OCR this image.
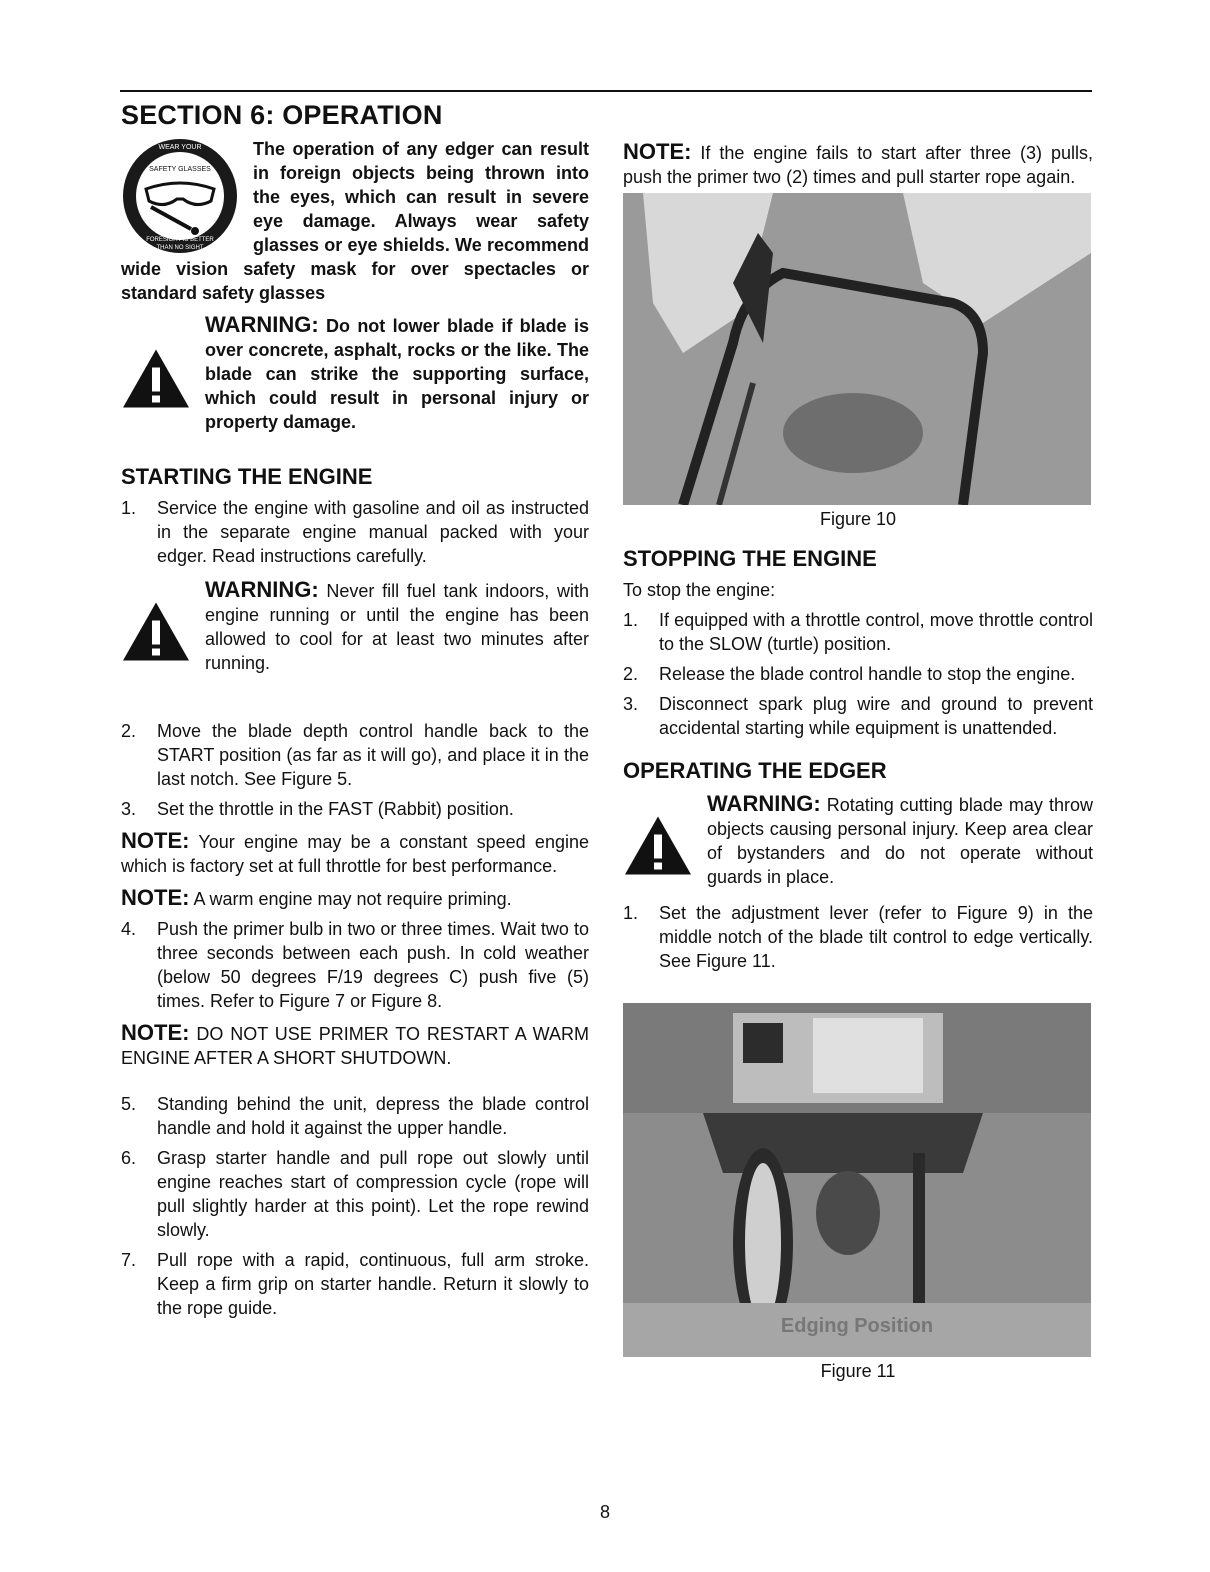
SECTION 6: OPERATION
WEAR YOUR
SAFETY GLASSES
FORESIGHT IS BETTER
THAN NO SIGHT

The operation of any edger can result in foreign objects being thrown into the eyes, which can result in severe eye damage. Always wear safety glasses or eye shields. We recommend wide vision safety mask for over spectacles or standard safety glasses

WARNING: Do not lower blade if blade is over concrete, asphalt, rocks or the like. The blade can strike the supporting surface, which could result in personal injury or property damage.

STARTING THE ENGINE
1.	Service the engine with gasoline and oil as instructed in the separate engine manual packed with your edger. Read instructions carefully.

WARNING: Never fill fuel tank indoors, with engine running or until the engine has been allowed to cool for at least two minutes after running.

2.	Move the blade depth control handle back to the START position (as far as it will go), and place it in the last notch. See Figure 5.
3.	Set the throttle in the FAST (Rabbit) position.

NOTE: Your engine may be a constant speed engine which is factory set at full throttle for best performance.

NOTE: A warm engine may not require priming.

4.	Push the primer bulb in two or three times. Wait two to three seconds between each push. In cold weather (below 50 degrees F/19 degrees C) push five (5) times. Refer to Figure 7 or Figure 8.

NOTE: DO NOT USE PRIMER TO RESTART A WARM ENGINE AFTER A SHORT SHUTDOWN.

5.	Standing behind the unit, depress the blade control handle and hold it against the upper handle.
6.	Grasp starter handle and pull rope out slowly until engine reaches start of compression cycle (rope will pull slightly harder at this point). Let the rope rewind slowly.
7.	Pull rope with a rapid, continuous, full arm stroke. Keep a firm grip on starter handle. Return it slowly to the rope guide.

NOTE: If the engine fails to start after three (3) pulls, push the primer two (2) times and pull starter rope again.

Figure 10
STOPPING THE ENGINE

To stop the engine:

1.	If equipped with a throttle control, move throttle control to the SLOW (turtle) position.
2.	Release the blade control handle to stop the engine.
3.	Disconnect spark plug wire and ground to prevent accidental starting while equipment is unattended.
OPERATING THE EDGER

WARNING: Rotating cutting blade may throw objects causing personal injury. Keep area clear of bystanders and do not operate without guards in place.

1.	Set the adjustment lever (refer to Figure 9) in the middle notch of the blade tilt control to edge vertically. See Figure 11.
Edging Position
Figure 11
8
